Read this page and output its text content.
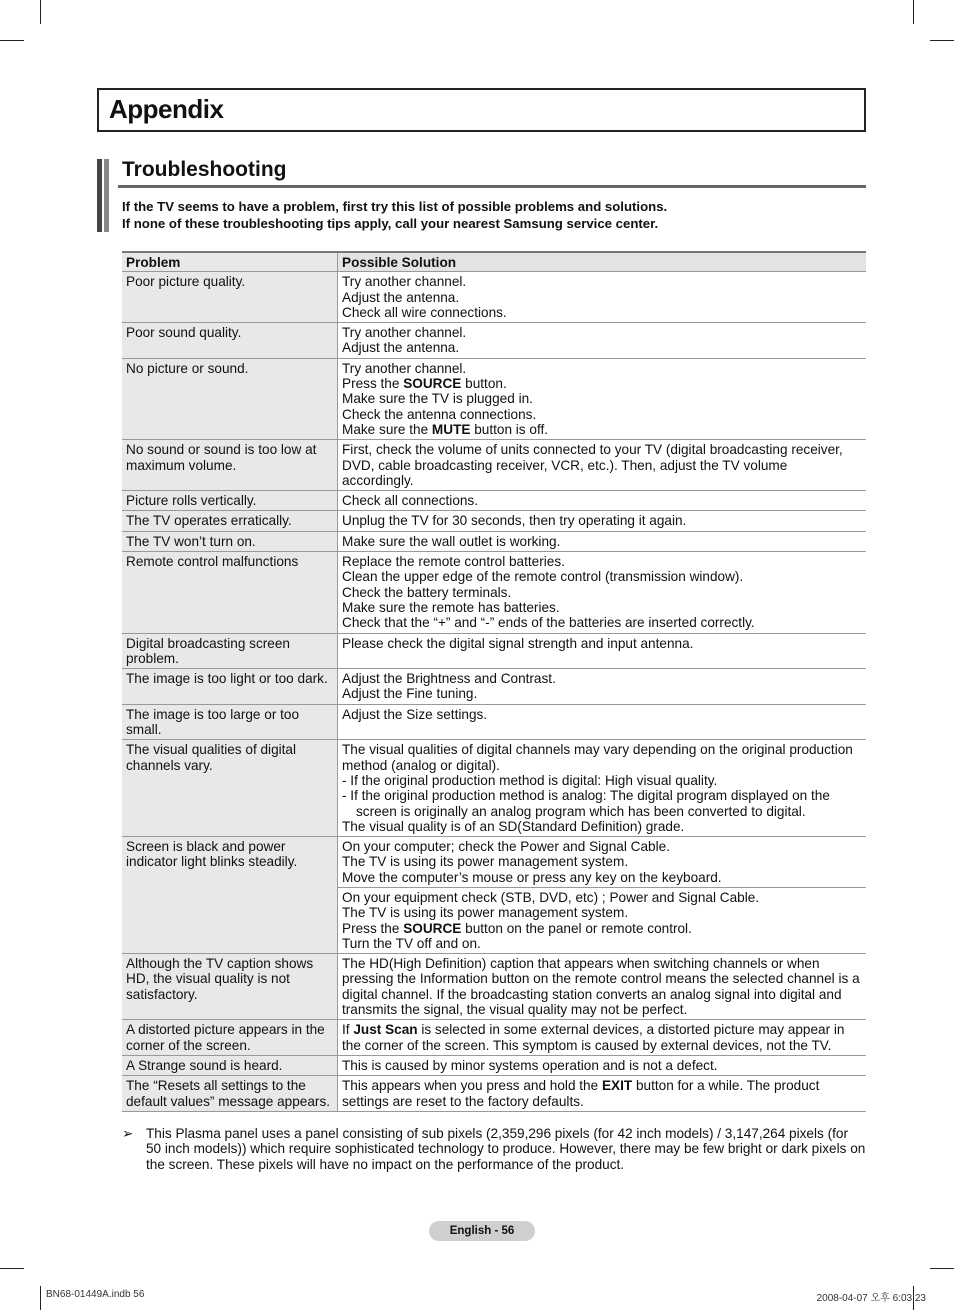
Appendix
Troubleshooting
If the TV seems to have a problem, first try this list of possible problems and solutions.
If none of these troubleshooting tips apply, call your nearest Samsung service center.
Problem	Possible Solution
Poor picture quality.	Try another channel.
Adjust the antenna.
Check all wire connections.

Poor sound quality.	Try another channel.
Adjust the antenna.

No picture or sound.	Try another channel.
Press the SOURCE button.
Make sure the TV is plugged in.
Check the antenna connections.
Make sure the MUTE button is off.

No sound or sound is too low at maximum volume.	First, check the volume of units connected to your TV (digital broadcasting receiver, DVD, cable broadcasting receiver, VCR, etc.). Then, adjust the TV volume accordingly.

Picture rolls vertically.	Check all connections.

The TV operates erratically.	Unplug the TV for 30 seconds, then try operating it again.

The TV won’t turn on.	Make sure the wall outlet is working.

Remote control malfunctions	Replace the remote control batteries.
Clean the upper edge of the remote control (transmission window).
Check the battery terminals.
Make sure the remote has batteries.
Check that the “+” and “-” ends of the batteries are inserted correctly.

Digital broadcasting screen problem.	Please check the digital signal strength and input antenna.

The image is too light or too dark.	Adjust the Brightness and Contrast.
Adjust the Fine tuning.

The image is too large or too small.	Adjust the Size settings.

The visual qualities of digital channels vary.	The visual qualities of digital channels may vary depending on the original production method (analog or digital).
- If the original production method is digital: High visual quality.
- If the original production method is analog: The digital program displayed on the screen is originally an analog program which has been converted to digital.
The visual quality is of an SD(Standard Definition) grade.

Screen is black and power indicator light blinks steadily.	On your computer; check the Power and Signal Cable.
The TV is using its power management system.
Move the computer’s mouse or press any key on the keyboard.

	On your equipment check (STB, DVD, etc) ; Power and Signal Cable.
The TV is using its power management system.
Press the SOURCE button on the panel or remote control.
Turn the TV off and on.

Although the TV caption shows HD, the visual quality is not satisfactory.	The HD(High Definition) caption that appears when switching channels or when pressing the Information button on the remote control means the selected channel is a digital channel. If the broadcasting station converts an analog signal into digital and transmits the signal, the visual quality may not be perfect.

A distorted picture appears in the corner of the screen.	If Just Scan is selected in some external devices, a distorted picture may appear in the corner of the screen. This symptom is caused by external devices, not the TV.

A Strange sound is heard.	This is caused by minor systems operation and is not a defect.

The “Resets all settings to the default values” message appears.	This appears when you press and hold the EXIT button for a while. The product settings are reset to the factory defaults.
➢ This Plasma panel uses a panel consisting of sub pixels (2,359,296 pixels (for 42 inch models) / 3,147,264 pixels (for 50 inch models)) which require sophisticated technology to produce. However, there may be few bright or dark pixels on the screen. These pixels will have no impact on the performance of the product.
English - 56
BN68-01449A.indb 56	2008-04-07 오후 6:03:23
